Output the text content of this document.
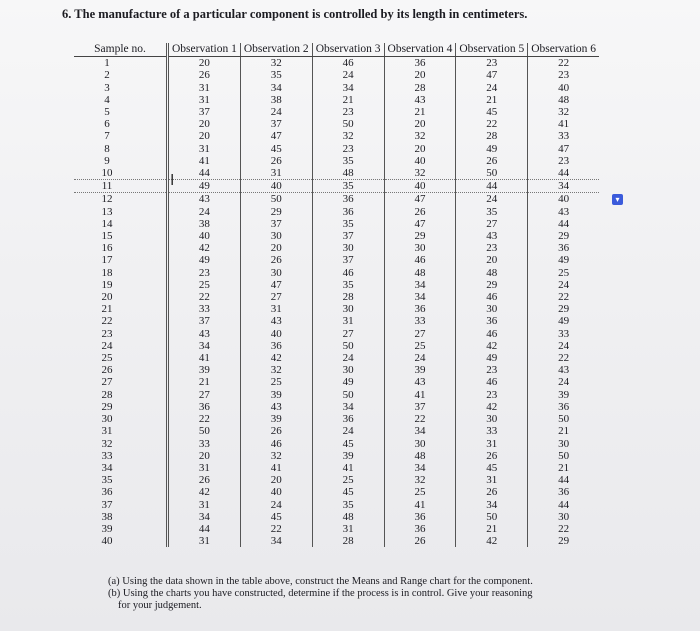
6. The manufacture of a particular component is controlled by its length in centimeters.
Sample no.	Observation 1	Observation 2	Observation 3	Observation 4	Observation 5	Observation 6
1	20	32	46	36	23	22
2	26	35	24	20	47	23
3	31	34	34	28	24	40
4	31	38	21	43	21	48
5	37	24	23	21	45	32
6	20	37	50	20	22	41
7	20	47	32	32	28	33
8	31	45	23	20	49	47
9	41	26	35	40	26	23
10	44	31	48	32	50	44
11	49	40	35	40	44	34
12	43	50	36	47	24	40
13	24	29	36	26	35	43
14	38	37	35	47	27	44
15	40	30	37	29	43	29
16	42	20	30	30	23	36
17	49	26	37	46	20	49
18	23	30	46	48	48	25
19	25	47	35	34	29	24
20	22	27	28	34	46	22
21	33	31	30	36	30	29
22	37	43	31	33	36	49
23	43	40	27	27	46	33
24	34	36	50	25	42	24
25	41	42	24	24	49	22
26	39	32	30	39	23	43
27	21	25	49	43	46	24
28	27	39	50	41	23	39
29	36	43	34	37	42	36
30	22	39	36	22	30	50
31	50	26	24	34	33	21
32	33	46	45	30	31	30
33	20	32	39	48	26	50
34	31	41	41	34	45	21
35	26	20	25	32	31	44
36	42	40	45	25	26	36
37	31	24	35	41	34	44
38	34	45	48	36	50	30
39	44	22	31	36	21	22
40	31	34	28	26	42	29
I
▾

(a) Using the data shown in the table above, construct the Means and Range chart for the component.

(b) Using the charts you have constructed, determine if the process is in control. Give your reasoning

for your judgement.
